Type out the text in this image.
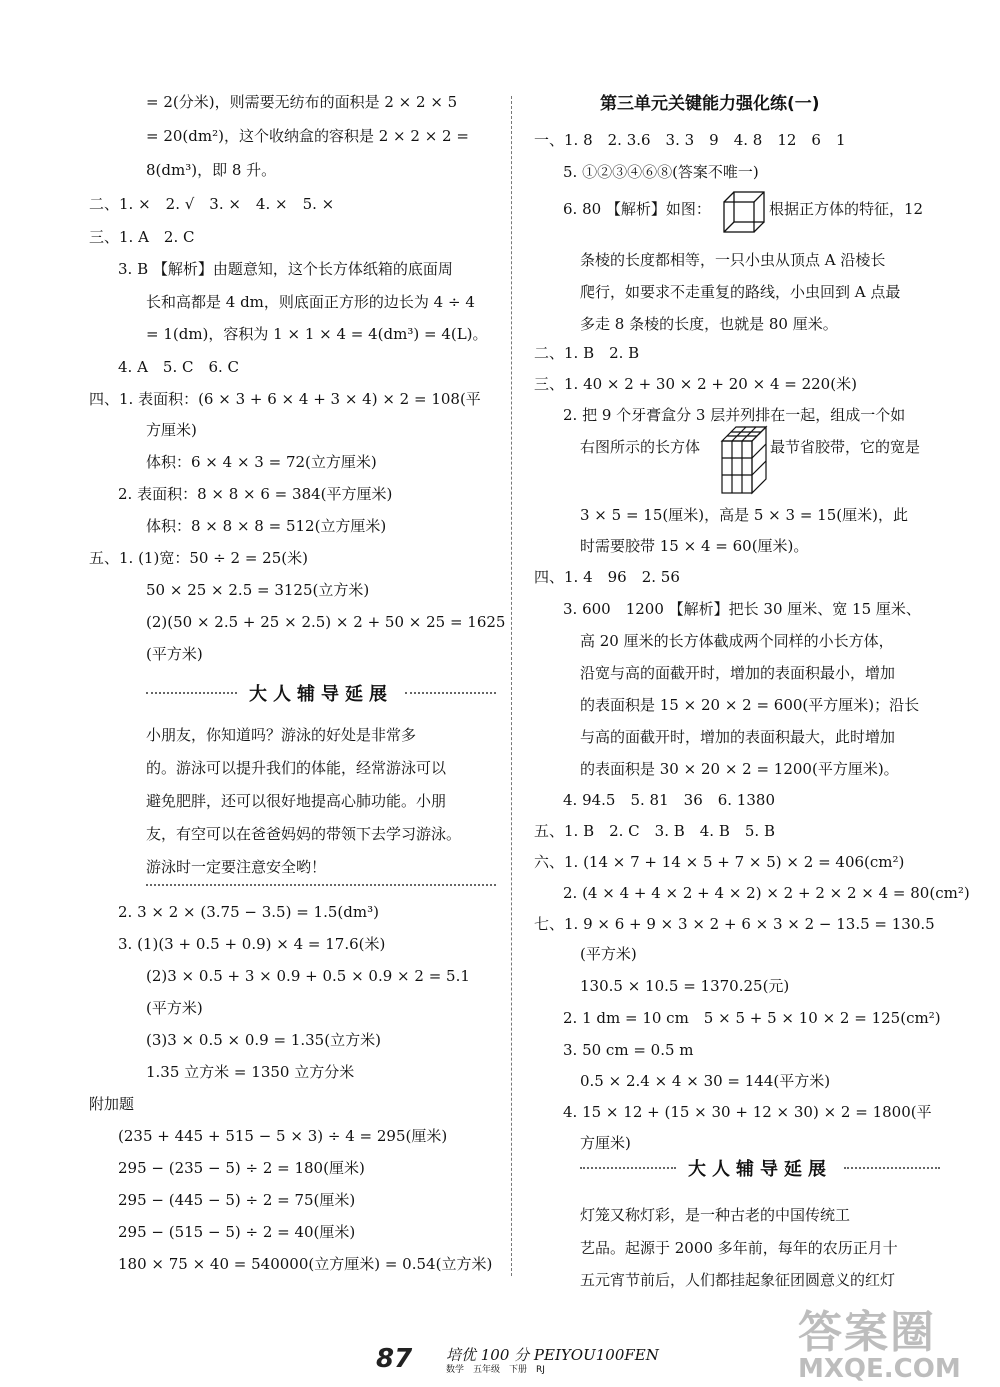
= 2(分米)，则需要无纺布的面积是 2 × 2 × 5
= 20(dm²)，这个收纳盒的容积是 2 × 2 × 2 =
8(dm³)，即 8 升。
二、1. ×　2. √　3. ×　4. ×　5. ×
三、1. A　2. C
3. B 【解析】由题意知，这个长方体纸箱的底面周
长和高都是 4 dm，则底面正方形的边长为 4 ÷ 4
= 1(dm)，容积为 1 × 1 × 4 = 4(dm³) = 4(L)。
4. A　5. C　6. C
四、1. 表面积：(6 × 3 + 6 × 4 + 3 × 4) × 2 = 108(平
方厘米)
体积：6 × 4 × 3 = 72(立方厘米)
2. 表面积：8 × 8 × 6 = 384(平方厘米)
体积：8 × 8 × 8 = 512(立方厘米)
五、1. (1)宽：50 ÷ 2 = 25(米)
50 × 25 × 2.5 = 3125(立方米)
(2)(50 × 2.5 + 25 × 2.5) × 2 + 50 × 25 = 1625
(平方米)
小朋友，你知道吗？游泳的好处是非常多
的。游泳可以提升我们的体能，经常游泳可以
避免肥胖，还可以很好地提高心肺功能。小朋
友，有空可以在爸爸妈妈的带领下去学习游泳。
游泳时一定要注意安全哟！
2. 3 × 2 × (3.75 − 3.5) = 1.5(dm³)
3. (1)(3 + 0.5 + 0.9) × 4 = 17.6(米)
(2)3 × 0.5 + 3 × 0.9 + 0.5 × 0.9 × 2 = 5.1
(平方米)
(3)3 × 0.5 × 0.9 = 1.35(立方米)
1.35 立方米 = 1350 立方分米
附加题
(235 + 445 + 515 − 5 × 3) ÷ 4 = 295(厘米)
295 − (235 − 5) ÷ 2 = 180(厘米)
295 − (445 − 5) ÷ 2 = 75(厘米)
295 − (515 − 5) ÷ 2 = 40(厘米)
180 × 75 × 40 = 540000(立方厘米) = 0.54(立方米)
一、1. 8　2. 3.6　3. 3　9　4. 8　12　6　1
5. ①②③④⑥⑧(答案不唯一)
6. 80 【解析】如图：	根据正方体的特征，12
条棱的长度都相等，一只小虫从顶点 A 沿棱长
爬行，如要求不走重复的路线，小虫回到 A 点最
多走 8 条棱的长度，也就是 80 厘米。
二、1. B　2. B
三、1. 40 × 2 + 30 × 2 + 20 × 4 = 220(米)
2. 把 9 个牙膏盒分 3 层并列排在一起，组成一个如
右图所示的长方体	最节省胶带，它的宽是
3 × 5 = 15(厘米)，高是 5 × 3 = 15(厘米)，此
时需要胶带 15 × 4 = 60(厘米)。
四、1. 4　96　2. 56
3. 600　1200 【解析】把长 30 厘米、宽 15 厘米、
高 20 厘米的长方体截成两个同样的小长方体，
沿宽与高的面截开时，增加的表面积最小，增加
的表面积是 15 × 20 × 2 = 600(平方厘米)；沿长
与高的面截开时，增加的表面积最大，此时增加
的表面积是 30 × 20 × 2 = 1200(平方厘米)。
4. 94.5　5. 81　36　6. 1380
五、1. B　2. C　3. B　4. B　5. B
六、1. (14 × 7 + 14 × 5 + 7 × 5) × 2 = 406(cm²)
2. (4 × 4 + 4 × 2 + 4 × 2) × 2 + 2 × 2 × 4 = 80(cm²)
七、1. 9 × 6 + 9 × 3 × 2 + 6 × 3 × 2 − 13.5 = 130.5
(平方米)
130.5 × 10.5 = 1370.25(元)
2. 1 dm = 10 cm　5 × 5 + 5 × 10 × 2 = 125(cm²)
3. 50 cm = 0.5 m
0.5 × 2.4 × 4 × 30 = 144(平方米)
4. 15 × 12 + (15 × 30 + 12 × 30) × 2 = 1800(平
方厘米)
灯笼又称灯彩，是一种古老的中国传统工
艺品。起源于 2000 多年前，每年的农历正月十
五元宵节前后，人们都挂起象征团圆意义的红灯
第三单元关键能力强化练(一)
大人辅导延展
大人辅导延展
87 培优 100 分 PEIYOU100FEN
数学　五年级　下册　RJ
答案圈
MXQE.COM
